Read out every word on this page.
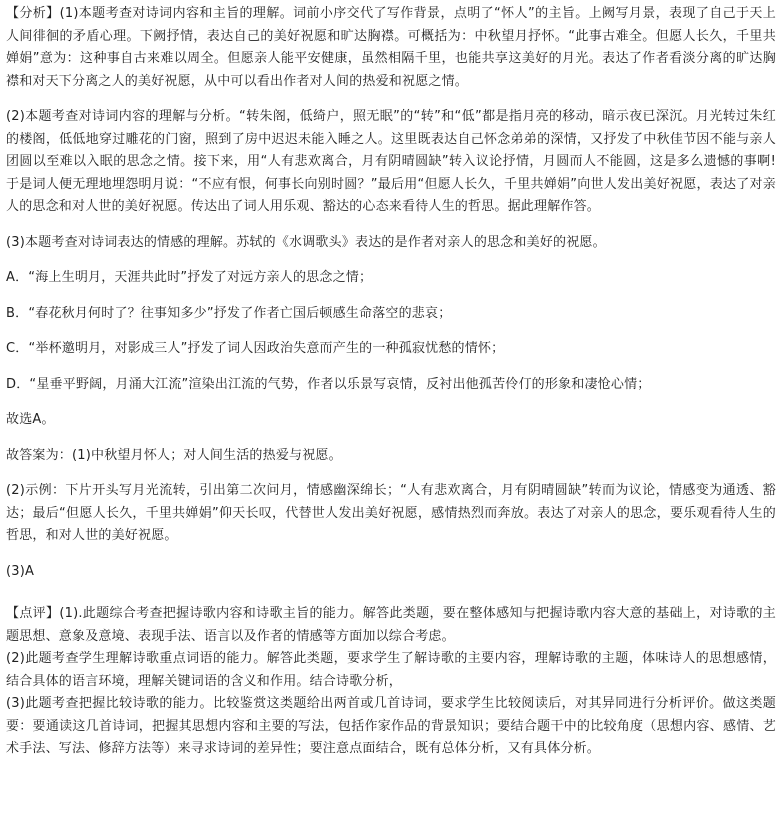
【分析】(1)本题考查对诗词内容和主旨的理解。词前小序交代了写作背景，点明了“怀人”的主旨。上阙写月景，表现了自己于天上人间徘徊的矛盾心理。下阙抒情，表达自己的美好祝愿和旷达胸襟。可概括为：中秋望月抒怀。“此事古难全。但愿人长久，千里共婵娟”意为：这种事自古来难以周全。但愿亲人能平安健康，虽然相隔千里，也能共享这美好的月光。表达了作者看淡分离的旷达胸襟和对天下分离之人的美好祝愿，从中可以看出作者对人间的热爱和祝愿之情。

(2)本题考查对诗词内容的理解与分析。“转朱阁，低绮户，照无眠”的“转”和“低”都是指月亮的移动，暗示夜已深沉。月光转过朱红的楼阁，低低地穿过雕花的门窗，照到了房中迟迟未能入睡之人。这里既表达自己怀念弟弟的深情，又抒发了中秋佳节因不能与亲人团圆以至难以入眠的思念之情。接下来，用“人有悲欢离合，月有阴晴圆缺”转入议论抒情，月圆而人不能圆，这是多么遗憾的事啊!于是词人便无理地埋怨明月说：“不应有恨，何事长向别时圆？”最后用“但愿人长久，千里共婵娟”向世人发出美好祝愿，表达了对亲人的思念和对人世的美好祝愿。传达出了词人用乐观、豁达的心态来看待人生的哲思。据此理解作答。

(3)本题考查对诗词表达的情感的理解。苏轼的《水调歌头》表达的是作者对亲人的思念和美好的祝愿。

A．“海上生明月，天涯共此时”抒发了对远方亲人的思念之情；

B．“春花秋月何时了？往事知多少”抒发了作者亡国后顿感生命落空的悲哀；

C．“举杯邀明月，对影成三人”抒发了词人因政治失意而产生的一种孤寂忧愁的情怀；

D．“星垂平野阔，月涌大江流”渲染出江流的气势，作者以乐景写哀情，反衬出他孤苦伶仃的形象和凄怆心情；

故选A。

故答案为：(1)中秋望月怀人；对人间生活的热爱与祝愿。

(2)示例：下片开头写月光流转，引出第二次问月，情感幽深绵长；“人有悲欢离合，月有阴晴圆缺”转而为议论，情感变为通透、豁达；最后“但愿人长久，千里共婵娟”仰天长叹，代替世人发出美好祝愿，感情热烈而奔放。表达了对亲人的思念，要乐观看待人生的哲思，和对人世的美好祝愿。

(3)A

【点评】(1).此题综合考查把握诗歌内容和诗歌主旨的能力。解答此类题，要在整体感知与把握诗歌内容大意的基础上，对诗歌的主题思想、意象及意境、表现手法、语言以及作者的情感等方面加以综合考虑。

(2)此题考查学生理解诗歌重点词语的能力。解答此类题，要求学生了解诗歌的主要内容，理解诗歌的主题，体味诗人的思想感情，结合具体的语言环境，理解关键词语的含义和作用。结合诗歌分析，

(3)此题考查把握比较诗歌的能力。比较鉴赏这类题给出两首或几首诗词，要求学生比较阅读后，对其异同进行分析评价。做这类题要：要通读这几首诗词，把握其思想内容和主要的写法，包括作家作品的背景知识；要结合题干中的比较角度（思想内容、感情、艺术手法、写法、修辞方法等）来寻求诗词的差异性；要注意点面结合，既有总体分析，又有具体分析。
